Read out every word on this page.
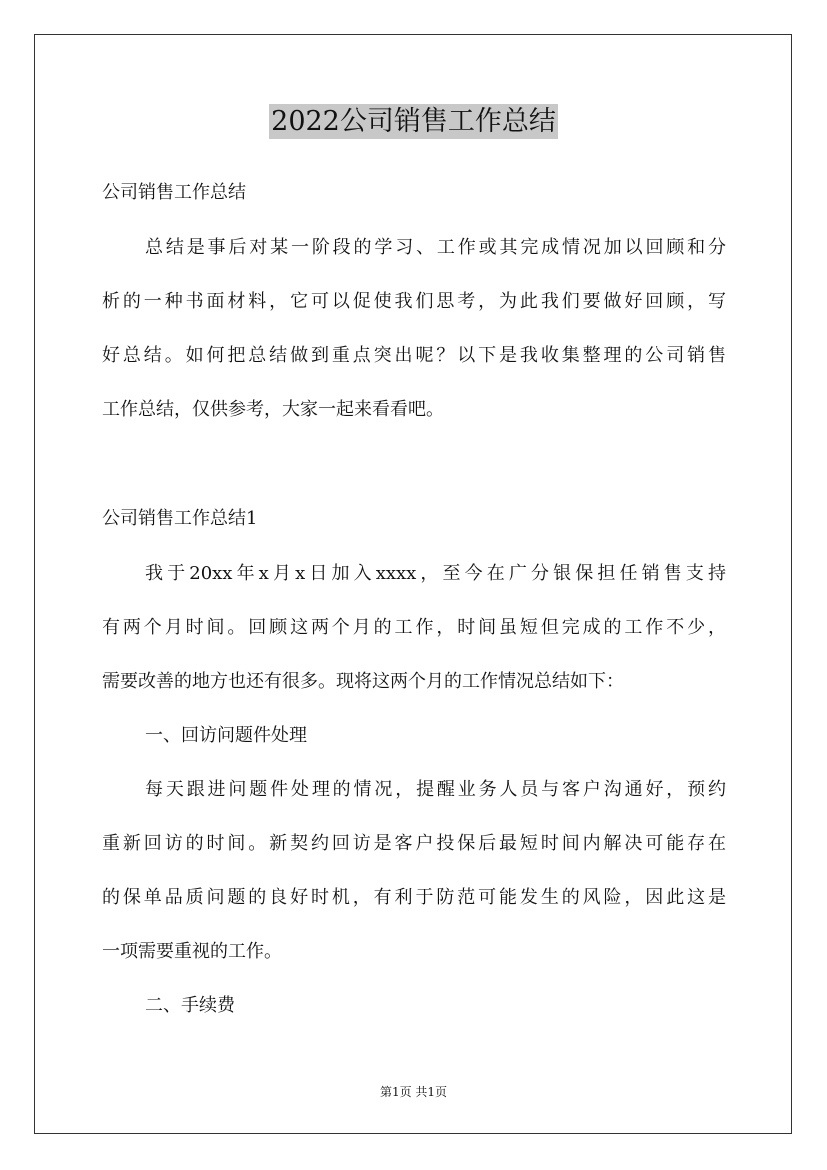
2022公司销售工作总结
公司销售工作总结
总结是事后对某一阶段的学习、工作或其完成情况加以回顾和分
析的一种书面材料，它可以促使我们思考，为此我们要做好回顾，写
好总结。如何把总结做到重点突出呢？以下是我收集整理的公司销售
工作总结，仅供参考，大家一起来看看吧。
公司销售工作总结1
我于20xx年x月x日加入xxxx，至今在广分银保担任销售支持
有两个月时间。回顾这两个月的工作，时间虽短但完成的工作不少，
需要改善的地方也还有很多。现将这两个月的工作情况总结如下：
一、回访问题件处理
每天跟进问题件处理的情况，提醒业务人员与客户沟通好，预约
重新回访的时间。新契约回访是客户投保后最短时间内解决可能存在
的保单品质问题的良好时机，有利于防范可能发生的风险，因此这是
一项需要重视的工作。
二、手续费
第1页 共1页
